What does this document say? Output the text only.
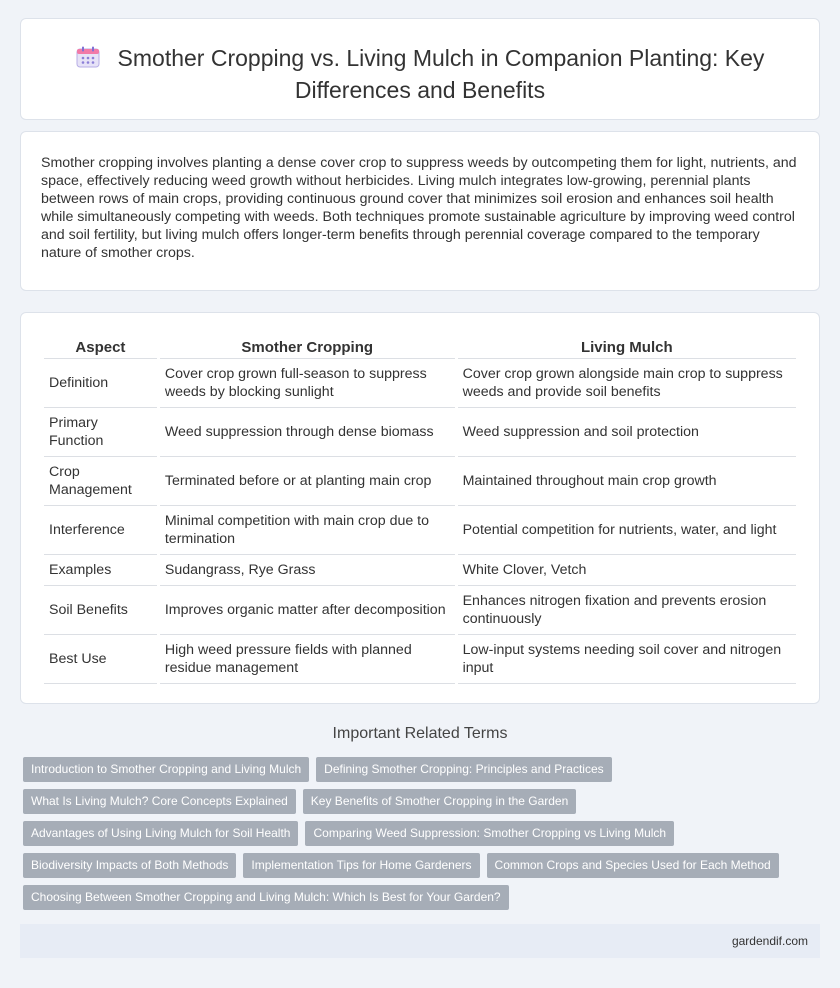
Smother Cropping vs. Living Mulch in Companion Planting: Key Differences and Benefits

Smother cropping involves planting a dense cover crop to suppress weeds by outcompeting them for light, nutrients, and space, effectively reducing weed growth without herbicides. Living mulch integrates low-growing, perennial plants between rows of main crops, providing continuous ground cover that minimizes soil erosion and enhances soil health while simultaneously competing with weeds. Both techniques promote sustainable agriculture by improving weed control and soil fertility, but living mulch offers longer-term benefits through perennial coverage compared to the temporary nature of smother crops.

Aspect	Smother Cropping	Living Mulch
Definition	Cover crop grown full-season to suppress weeds by blocking sunlight	Cover crop grown alongside main crop to suppress weeds and provide soil benefits
Primary Function	Weed suppression through dense biomass	Weed suppression and soil protection
Crop Management	Terminated before or at planting main crop	Maintained throughout main crop growth
Interference	Minimal competition with main crop due to termination	Potential competition for nutrients, water, and light
Examples	Sudangrass, Rye Grass	White Clover, Vetch
Soil Benefits	Improves organic matter after decomposition	Enhances nitrogen fixation and prevents erosion continuously
Best Use	High weed pressure fields with planned residue management	Low-input systems needing soil cover and nitrogen input
Important Related Terms
Introduction to Smother Cropping and Living Mulch	Defining Smother Cropping: Principles and Practices
What Is Living Mulch? Core Concepts Explained	Key Benefits of Smother Cropping in the Garden
Advantages of Using Living Mulch for Soil Health	Comparing Weed Suppression: Smother Cropping vs Living Mulch
Biodiversity Impacts of Both Methods	Implementation Tips for Home Gardeners	Common Crops and Species Used for Each Method
Choosing Between Smother Cropping and Living Mulch: Which Is Best for Your Garden?
gardendif.com
